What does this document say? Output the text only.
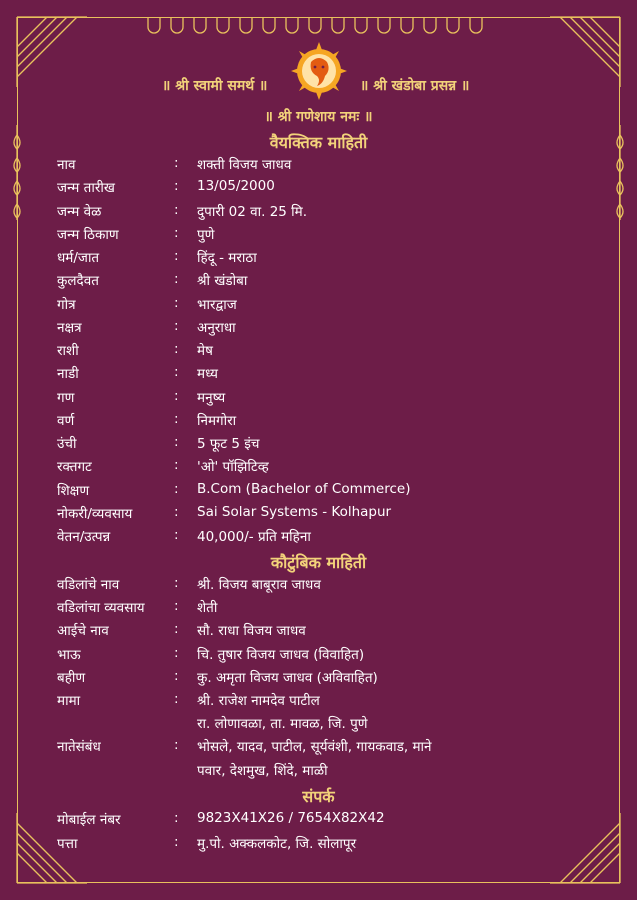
॥ श्री स्वामी समर्थ ॥	॥ श्री खंडोबा प्रसन्न ॥
॥ श्री गणेशाय नमः ॥
वैयक्तिक माहिती
नाव	: शक्ती विजय जाधव
जन्म तारीख	: 13/05/2000
जन्म वेळ	: दुपारी 02 वा. 25 मि.
जन्म ठिकाण	: पुणे
धर्म/जात	: हिंदू - मराठा
कुलदैवत	: श्री खंडोबा
गोत्र	: भारद्वाज
नक्षत्र	: अनुराधा
राशी	: मेष
नाडी	: मध्य
गण	: मनुष्य
वर्ण	: निमगोरा
उंची	: 5 फूट 5 इंच
रक्तगट	: 'ओ' पॉझिटिव्ह
शिक्षण	: B.Com (Bachelor of Commerce)
नोकरी/व्यवसाय	: Sai Solar Systems - Kolhapur
वेतन/उत्पन्न	: 40,000/- प्रति महिना
कौटुंबिक माहिती
वडिलांचे नाव	: श्री. विजय बाबूराव जाधव
वडिलांचा व्यवसाय : शेती
आईचे नाव	: सौ. राधा विजय जाधव
भाऊ	: चि. तुषार विजय जाधव (विवाहित)
बहीण	: कु. अमृता विजय जाधव (अविवाहित)
मामा	: श्री. राजेश नामदेव पाटील
रा. लोणावळा, ता. मावळ, जि. पुणे
नातेसंबंध	: भोसले, यादव, पाटील, सूर्यवंशी, गायकवाड, माने
पवार, देशमुख, शिंदे, माळी
संपर्क
मोबाईल नंबर	: 9823X41X26 / 7654X82X42
पत्ता	: मु.पो. अक्कलकोट, जि. सोलापूर
